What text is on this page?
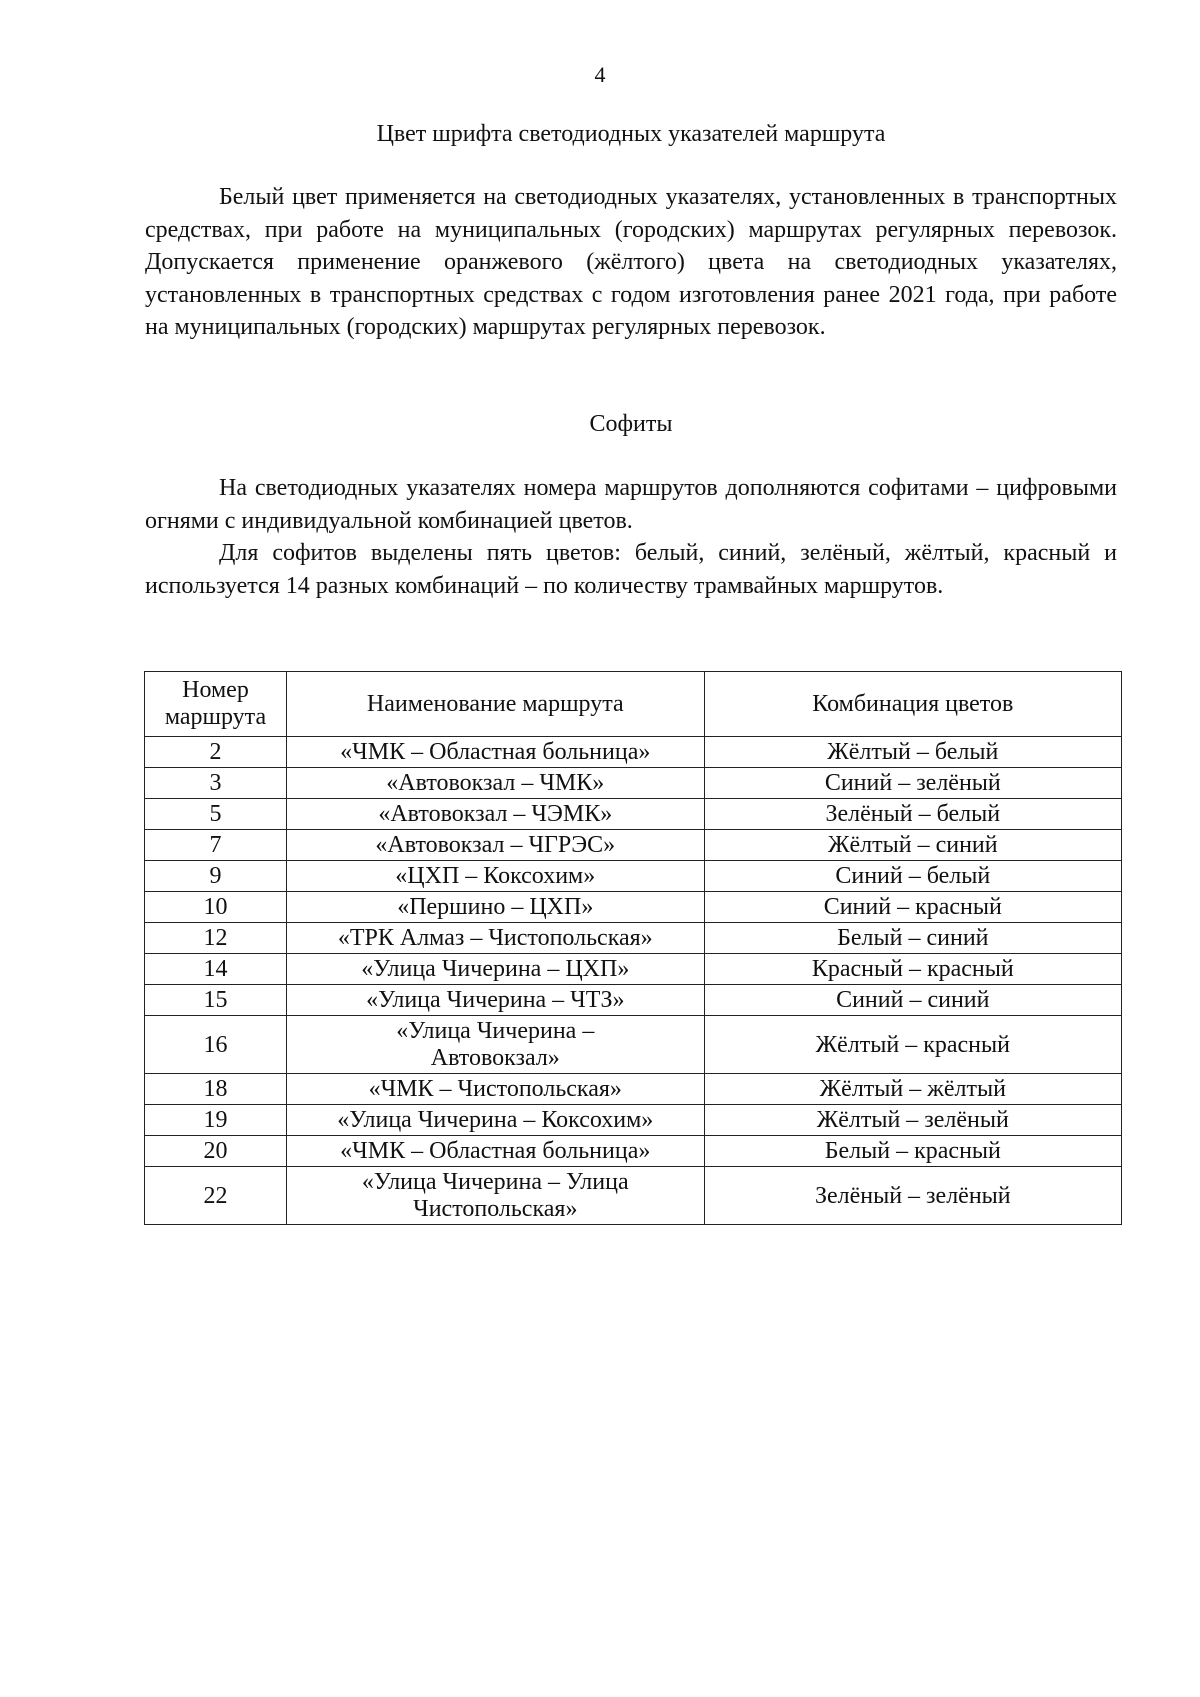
4
Цвет шрифта светодиодных указателей маршрута

Белый цвет применяется на светодиодных указателях, установленных в транспортных средствах, при работе на муниципальных (городских) маршрутах регулярных перевозок. Допускается применение оранжевого (жёлтого) цвета на светодиодных указателях, установленных в транспортных средствах с годом изготовления ранее 2021 года, при работе на муниципальных (городских) маршрутах регулярных перевозок.

Софиты

На светодиодных указателях номера маршрутов дополняются софитами – цифровыми огнями с индивидуальной комбинацией цветов.

Для софитов выделены пять цветов: белый, синий, зелёный, жёлтый, красный и используется 14 разных комбинаций – по количеству трамвайных маршрутов.

Номер маршрута	Наименование маршрута	Комбинация цветов
2	«ЧМК – Областная больница»	Жёлтый – белый
3	«Автовокзал – ЧМК»	Синий – зелёный
5	«Автовокзал – ЧЭМК»	Зелёный – белый
7	«Автовокзал – ЧГРЭС»	Жёлтый – синий
9	«ЦХП – Коксохим»	Синий – белый
10	«Першино – ЦХП»	Синий – красный
12	«ТРК Алмаз – Чистопольская»	Белый – синий
14	«Улица Чичерина – ЦХП»	Красный – красный
15	«Улица Чичерина – ЧТЗ»	Синий – синий
16	«Улица Чичерина – Автовокзал»	Жёлтый – красный
18	«ЧМК – Чистопольская»	Жёлтый – жёлтый
19	«Улица Чичерина – Коксохим»	Жёлтый – зелёный
20	«ЧМК – Областная больница»	Белый – красный
22	«Улица Чичерина – Улица Чистопольская»	Зелёный – зелёный
